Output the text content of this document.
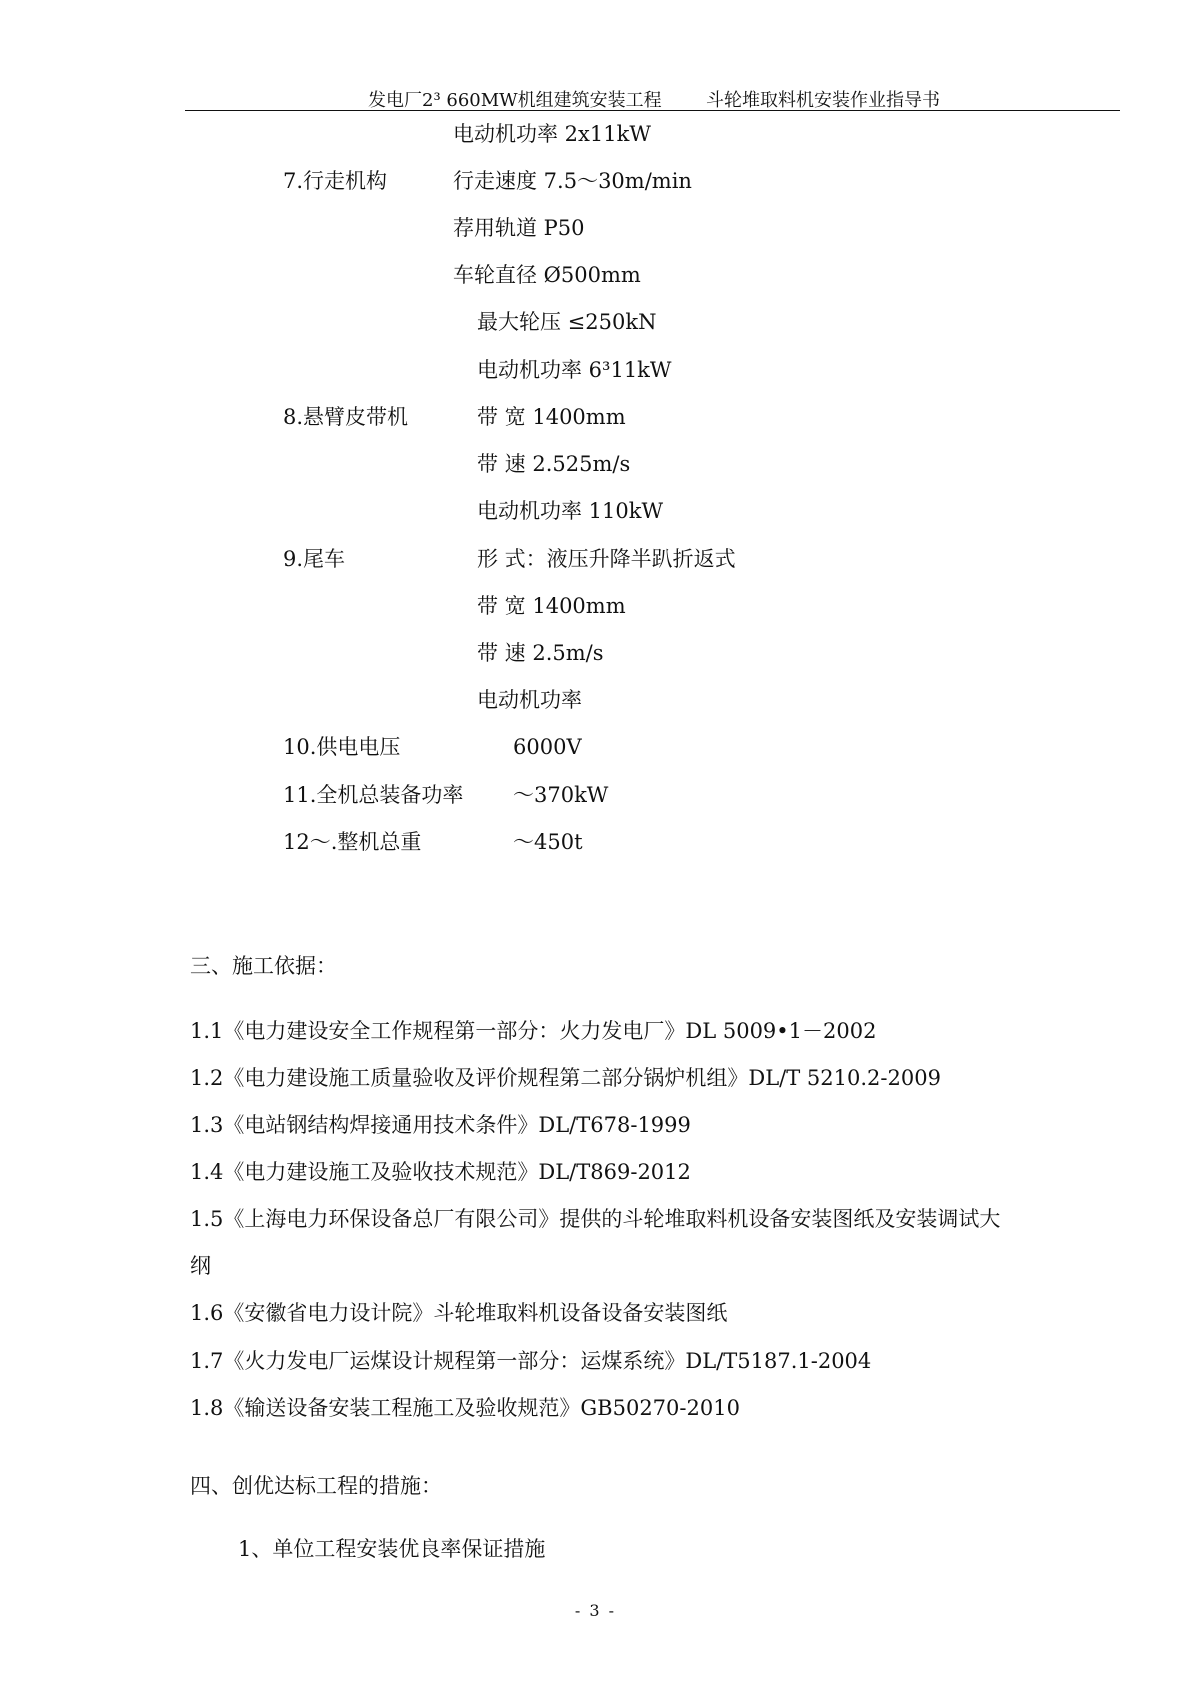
发电厂2³ 660MW机组建筑安装工程 斗轮堆取料机安装作业指导书
7.行走机构
8.悬臂皮带机
9.尾车
10.供电电压
11.全机总装备功率
12～.整机总重
电动机功率 2x11kW
行走速度 7.5～30m/min
荐用轨道 P50
车轮直径 Ø500mm
最大轮压 ≤250kN
电动机功率 6³11kW
带 宽 1400mm
带 速 2.525m/s
电动机功率 110kW
形 式：液压升降半趴折返式
带 宽 1400mm
带 速 2.5m/s
电动机功率
6000V
～370kW
～450t
三、施工依据：
1.1《电力建设安全工作规程第一部分：火力发电厂》DL 5009•1－2002
1.2《电力建设施工质量验收及评价规程第二部分锅炉机组》DL/T 5210.2-2009
1.3《电站钢结构焊接通用技术条件》DL/T678-1999
1.4《电力建设施工及验收技术规范》DL/T869-2012
1.5《上海电力环保设备总厂有限公司》提供的斗轮堆取料机设备安装图纸及安装调试大
纲
1.6《安徽省电力设计院》斗轮堆取料机设备设备安装图纸
1.7《火力发电厂运煤设计规程第一部分：运煤系统》DL/T5187.1-2004
1.8《输送设备安装工程施工及验收规范》GB50270-2010
四、创优达标工程的措施：
1、单位工程安装优良率保证措施
- 3 -
